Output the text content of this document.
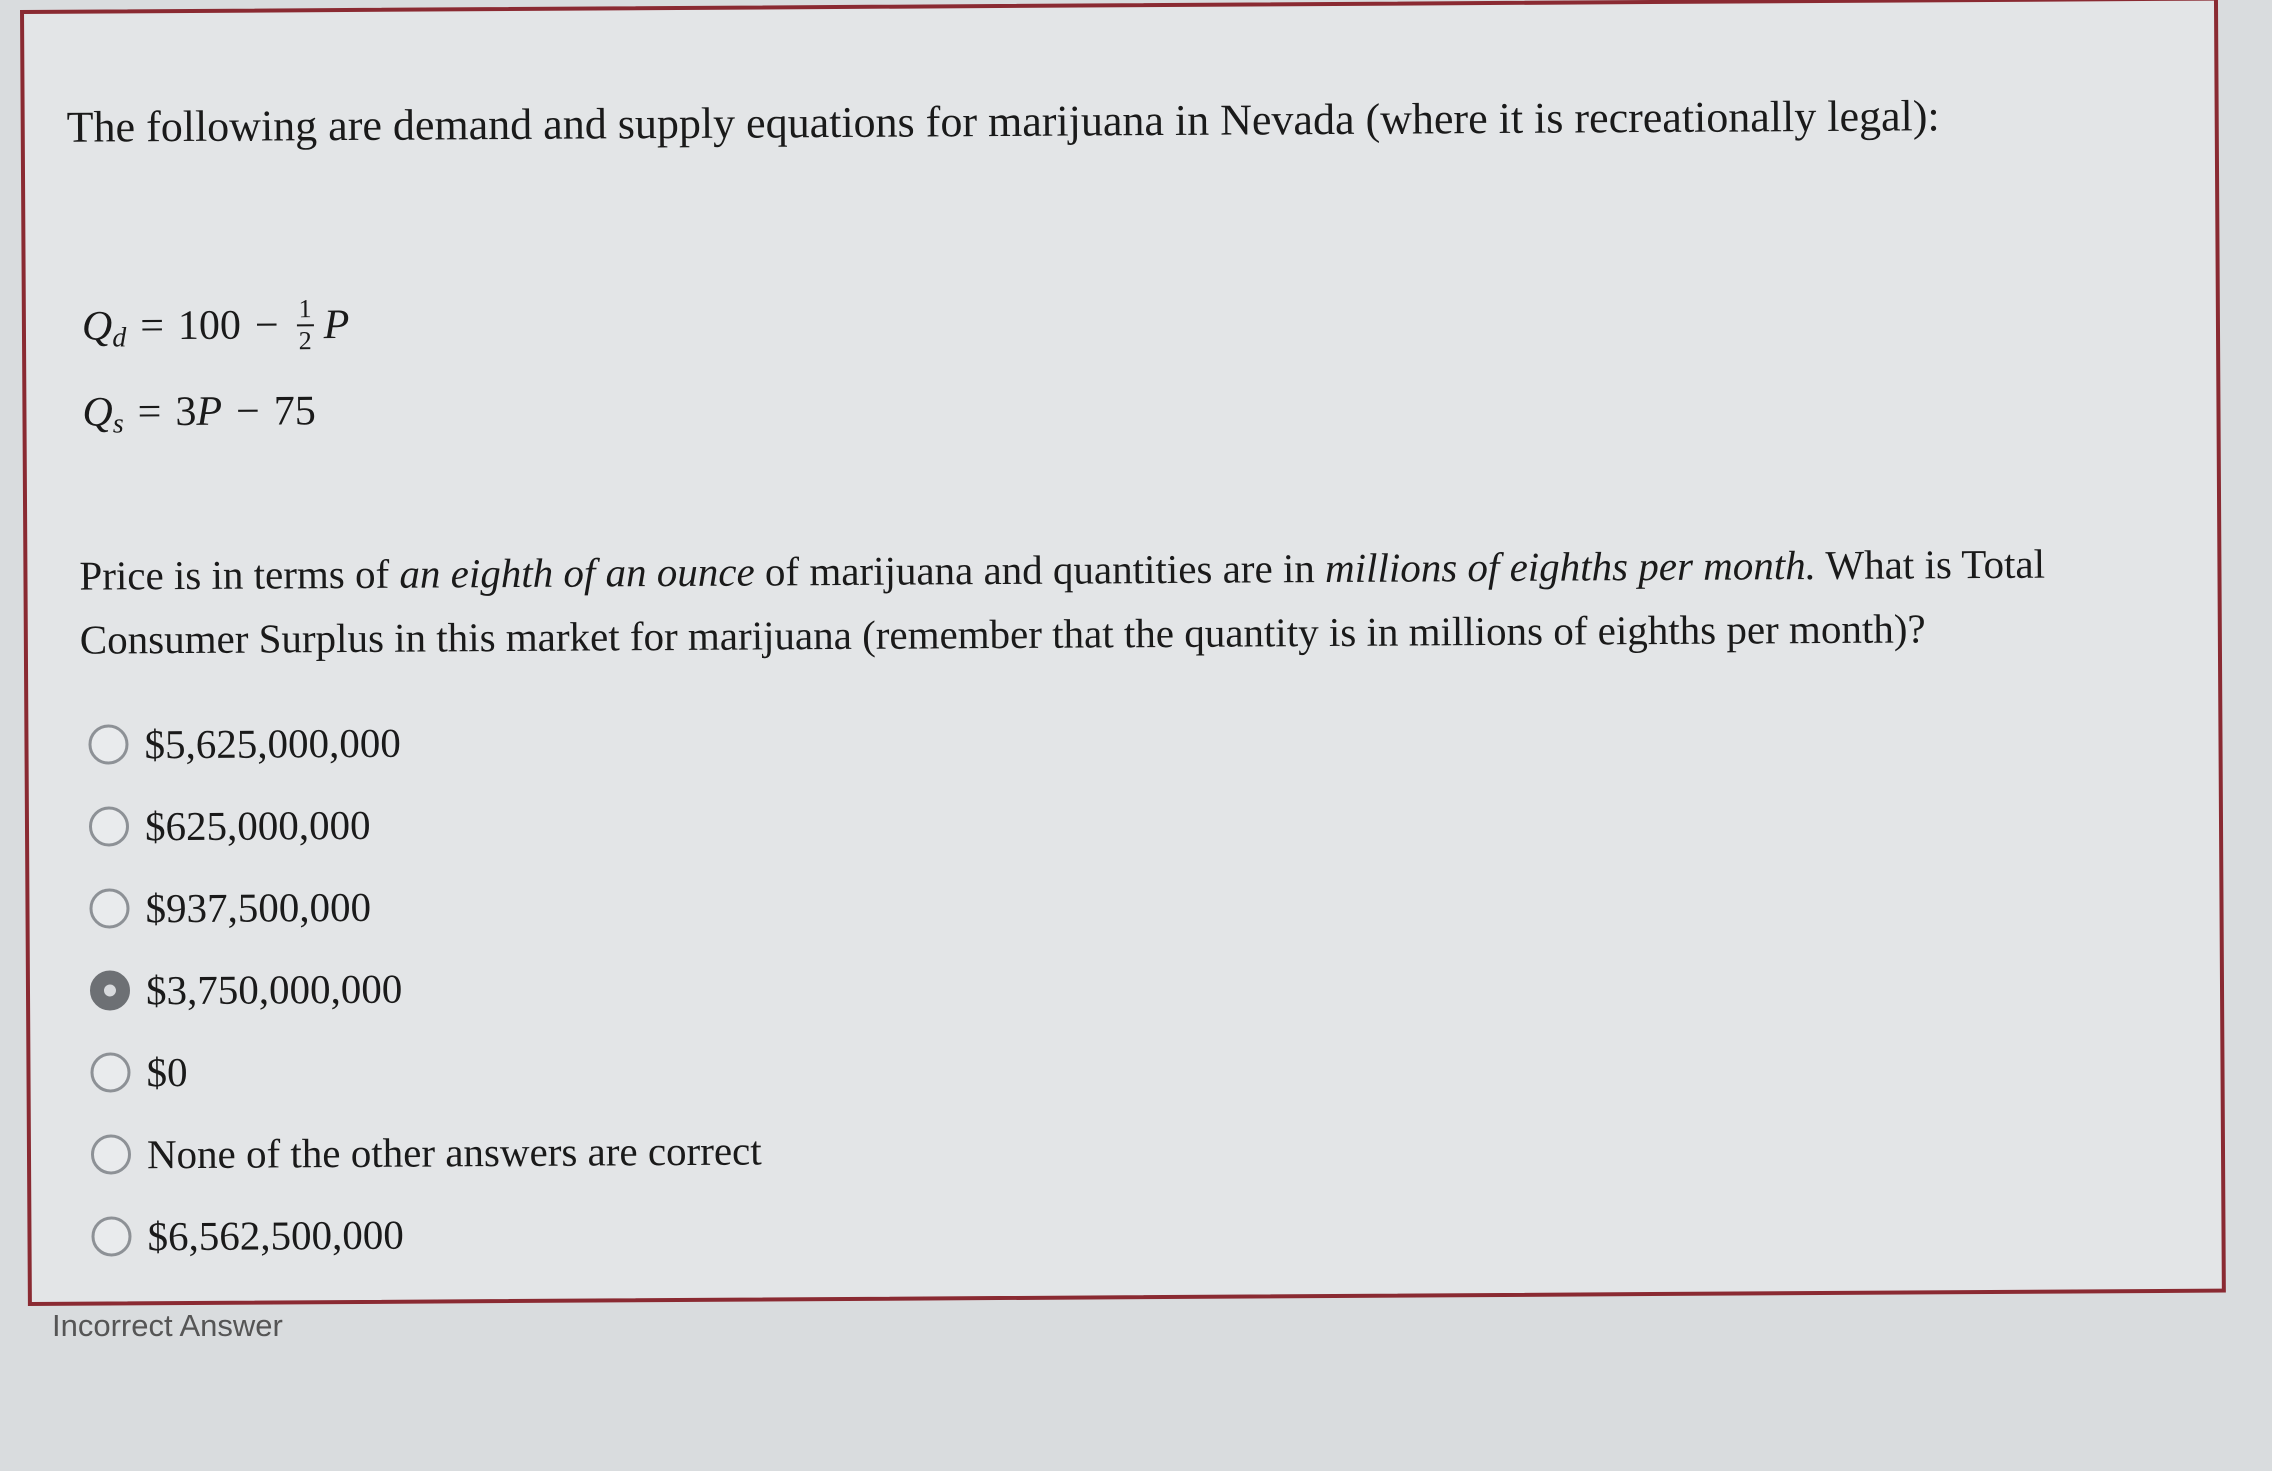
The following are demand and supply equations for marijuana in Nevada (where it is recreationally legal):
Q $d = 100 - \frac{1}{2}$ P
Q s = 3 P − 75
Price is in terms of an eighth of an ounce of marijuana and quantities are in millions of eighths per month. What is Total Consumer Surplus in this market for marijuana (remember that the quantity is in millions of eighths per month)?
$5,625,000,000
$625,000,000
$937,500,000
$3,750,000,000
$0
None of the other answers are correct
$6,562,500,000
Incorrect Answer
